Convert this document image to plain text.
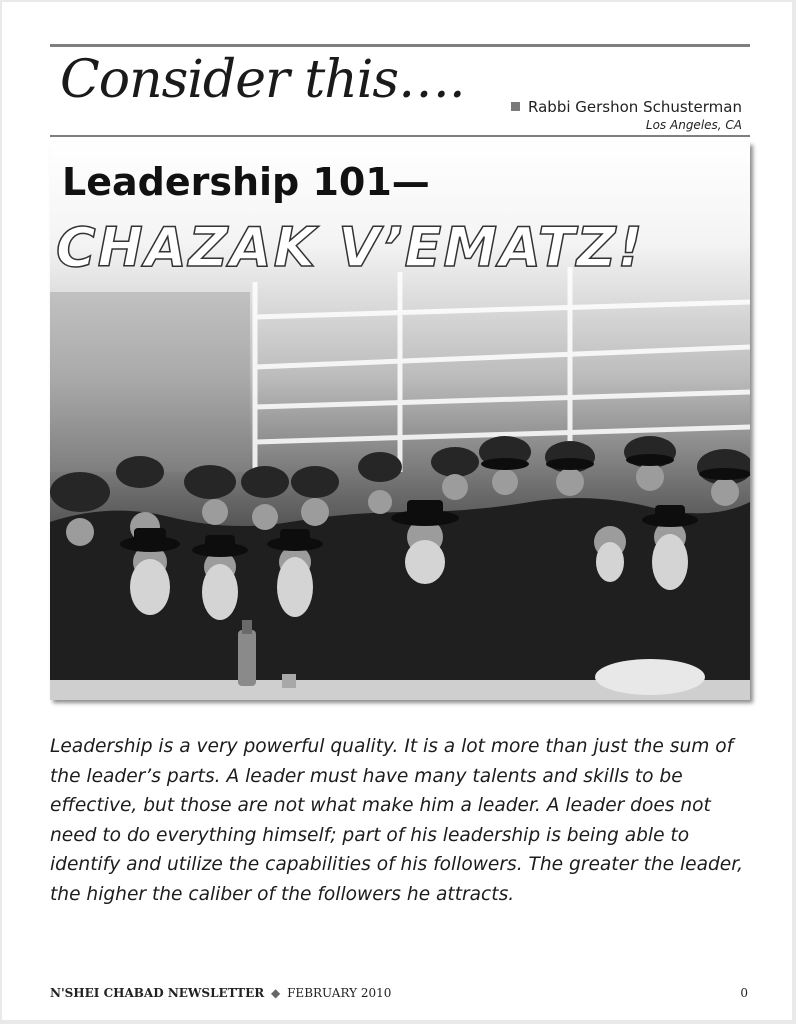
Consider this….	Rabbi Gershon Schusterman
Los Angeles, CA
Leadership 101—
CHAZAK V’EMATZ!
Leadership is a very powerful quality. It is a lot more than just the sum of the leader’s parts. A leader must have many talents and skills to be effective, but those are not what make him a leader. A leader does not need to do everything himself; part of his leadership is being able to identify and utilize the capabilities of his followers. The greater the leader, the higher the caliber of the followers he attracts.
N'SHEI CHABAD NEWSLETTER ◆ FEBRUARY 2010	0
